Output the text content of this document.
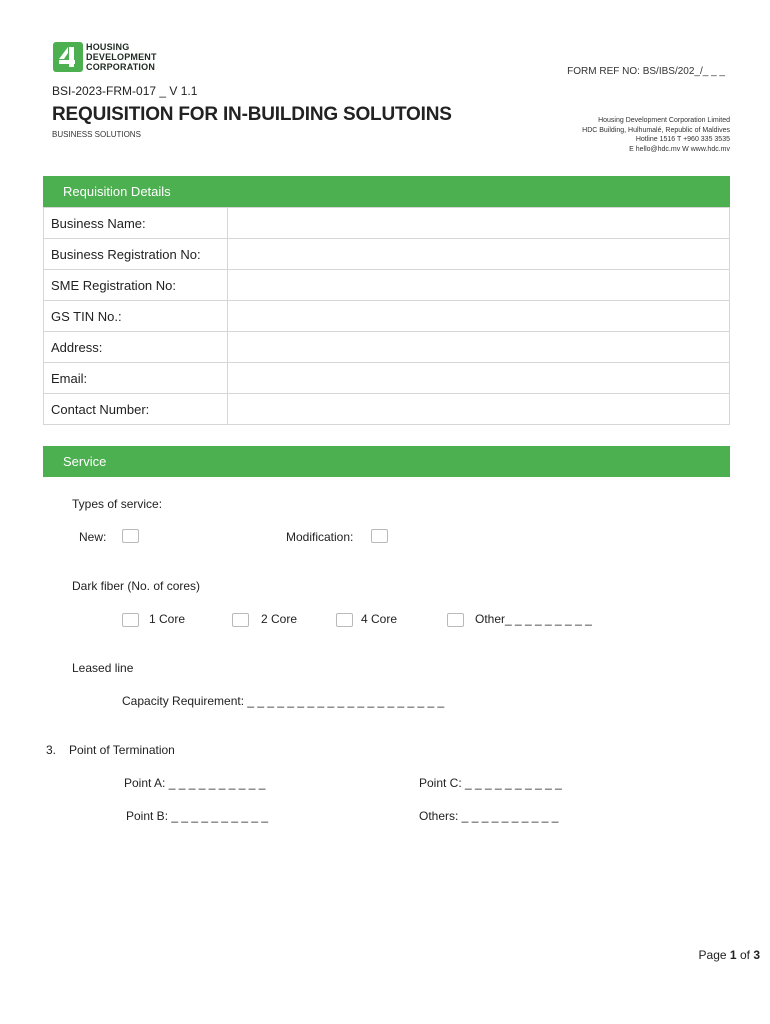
HOUSING
DEVELOPMENT
CORPORATION	FORM REF NO: BS/IBS/202_/_ _ _
BSI-2023-FRM-017 _ V 1.1
REQUISITION FOR IN-BUILDING SOLUTOINS
BUSINESS SOLUTIONS
Housing Development Corporation Limited
HDC Building, Hulhumalé, Republic of Maldives
Hotline 1516 T +960 335 3535
E hello@hdc.mv W www.hdc.mv
Requisition Details
Business Name:	
Business Registration No:	
SME Registration No:	
GS TIN No.:	
Address:	
Email:	
Contact Number:	
Service
Types of service:
New:	Modification:
Dark fiber (No. of cores)
1 Core	2 Core	4 Core	Other_ _ _ _ _ _ _ _ _
Leased line
Capacity Requirement: _ _ _ _ _ _ _ _ _ _ _ _ _ _ _ _ _ _ _ _
3. Point of Termination
Point A: _ _ _ _ _ _ _ _ _ _	Point C: _ _ _ _ _ _ _ _ _ _
Point B: _ _ _ _ _ _ _ _ _ _	Others: _ _ _ _ _ _ _ _ _ _
Page 1 of 3
